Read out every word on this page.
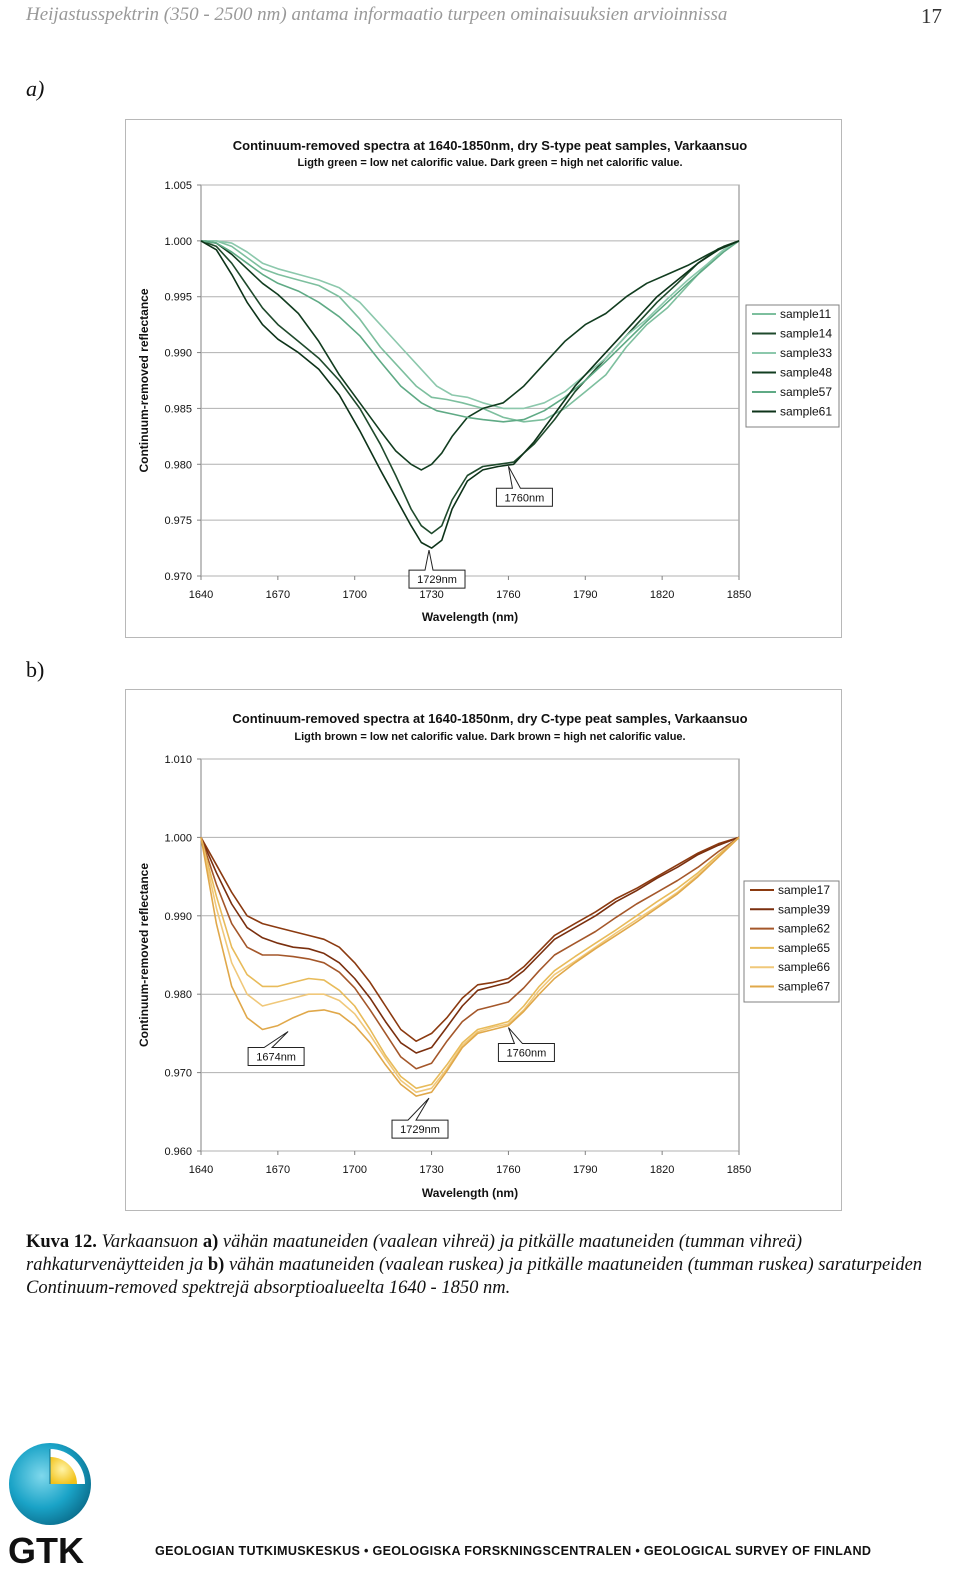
Heijastusspektrin (350 - 2500 nm) antama informaatio turpeen ominaisuuksien arvioinnissa	17
a)
Continuum-removed spectra at 1640-1850nm, dry S-type peat samples, Varkaansuo
Ligth green = low net calorific value. Dark green = high net calorific value.
0.970
0.975
0.980
0.985
0.990
0.995
1.000
1.005
1640	1670	1700	1730	1760	1790	1820	1850
Wavelength (nm)
Continuum-removed reflectance
1760nm
1729nm
sample11
sample14
sample33
sample48
sample57
sample61
b)
Continuum-removed spectra at 1640-1850nm, dry C-type peat samples, Varkaansuo
Ligth brown = low net calorific value. Dark brown = high net calorific value.
0.960
0.970
0.980
0.990
1.000
1.010
1640	1670	1700	1730	1760	1790	1820	1850
Wavelength (nm)
Continuum-removed reflectance
1674nm	1760nm
1729nm
sample17
sample39
sample62
sample65
sample66
sample67
Kuva 12. Varkaansuon a) vähän maatuneiden (vaalean vihreä) ja pitkälle maatuneiden (tumman vihreä) rahkaturvenäytteiden ja b) vähän maatuneiden (vaalean ruskea) ja pitkälle maatuneiden (tumman ruskea) saraturpeiden Continuum-removed spektrejä absorptioalueelta 1640 - 1850 nm.
GTK	GEOLOGIAN TUTKIMUSKESKUS • GEOLOGISKA FORSKNINGSCENTRALEN • GEOLOGICAL SURVEY OF FINLAND
